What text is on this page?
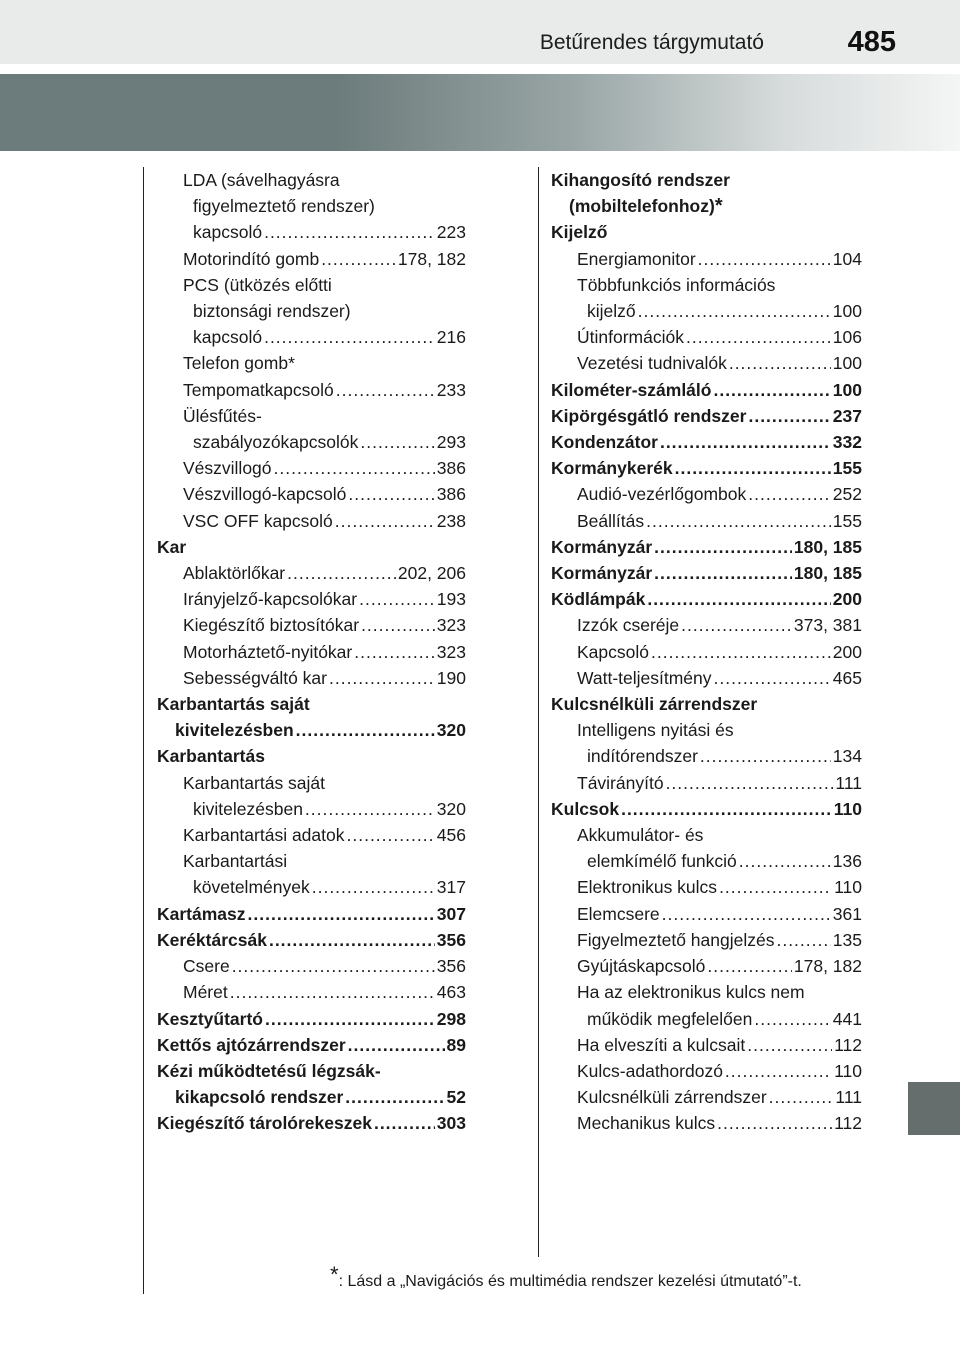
Betűrendes tárgymutató	485
LDA (sávelhagyásra
figyelmeztető rendszer)
kapcsoló .....	223
Motorindító gomb .....	178, 182
PCS (ütközés előtti
biztonsági rendszer)
kapcsoló .....	216
Telefon gomb*
Tempomatkapcsoló .....	233
Ülésfűtés-
szabályozókapcsolók .....	293
Vészvillogó .....	386
Vészvillogó-kapcsoló .....	386
VSC OFF kapcsoló .....	238
Kar
Ablaktörlőkar .....	202, 206
Irányjelző-kapcsolókar .....	193
Kiegészítő biztosítókar .....	323
Motorháztető-nyitókar .....	323
Sebességváltó kar .....	190
Karbantartás saját
kivitelezésben .....	320
Karbantartás
Karbantartás saját
kivitelezésben .....	320
Karbantartási adatok .....	456
Karbantartási
követelmények .....	317
Kartámasz .....	307
Keréktárcsák .....	356
Csere .....	356
Méret .....	463
Kesztyűtartó .....	298
Kettős ajtózárrendszer .....	89
Kézi működtetésű légzsák-
kikapcsoló rendszer .....	52
Kiegészítő tárolórekeszek .....	303
Kihangosító rendszer
(mobiltelefonhoz) *
Kijelző
Energiamonitor .....	104
Többfunkciós információs
kijelző .....	100
Útinformációk .....	106
Vezetési tudnivalók .....	100
Kilométer-számláló .....	100
Kipörgésgátló rendszer .....	237
Kondenzátor .....	332
Kormánykerék .....	155
Audió-vezérlőgombok .....	252
Beállítás .....	155
Kormányzár .....	180, 185
Kormányzár .....	180, 185
Ködlámpák .....	200
Izzók cseréje .....	373, 381
Kapcsoló .....	200
Watt-teljesítmény .....	465
Kulcsnélküli zárrendszer
Intelligens nyitási és
indítórendszer .....	134
Távirányító .....	111
Kulcsok .....	110
Akkumulátor- és
elemkímélő funkció .....	136
Elektronikus kulcs .....	110
Elemcsere .....	361
Figyelmeztető hangjelzés .....	135
Gyújtáskapcsoló .....	178, 182
Ha az elektronikus kulcs nem
működik megfelelően .....	441
Ha elveszíti a kulcsait .....	112
Kulcs-adathordozó .....	110
Kulcsnélküli zárrendszer .....	111
Mechanikus kulcs .....	112
*: Lásd a „Navigációs és multimédia rendszer kezelési útmutató”-t.
